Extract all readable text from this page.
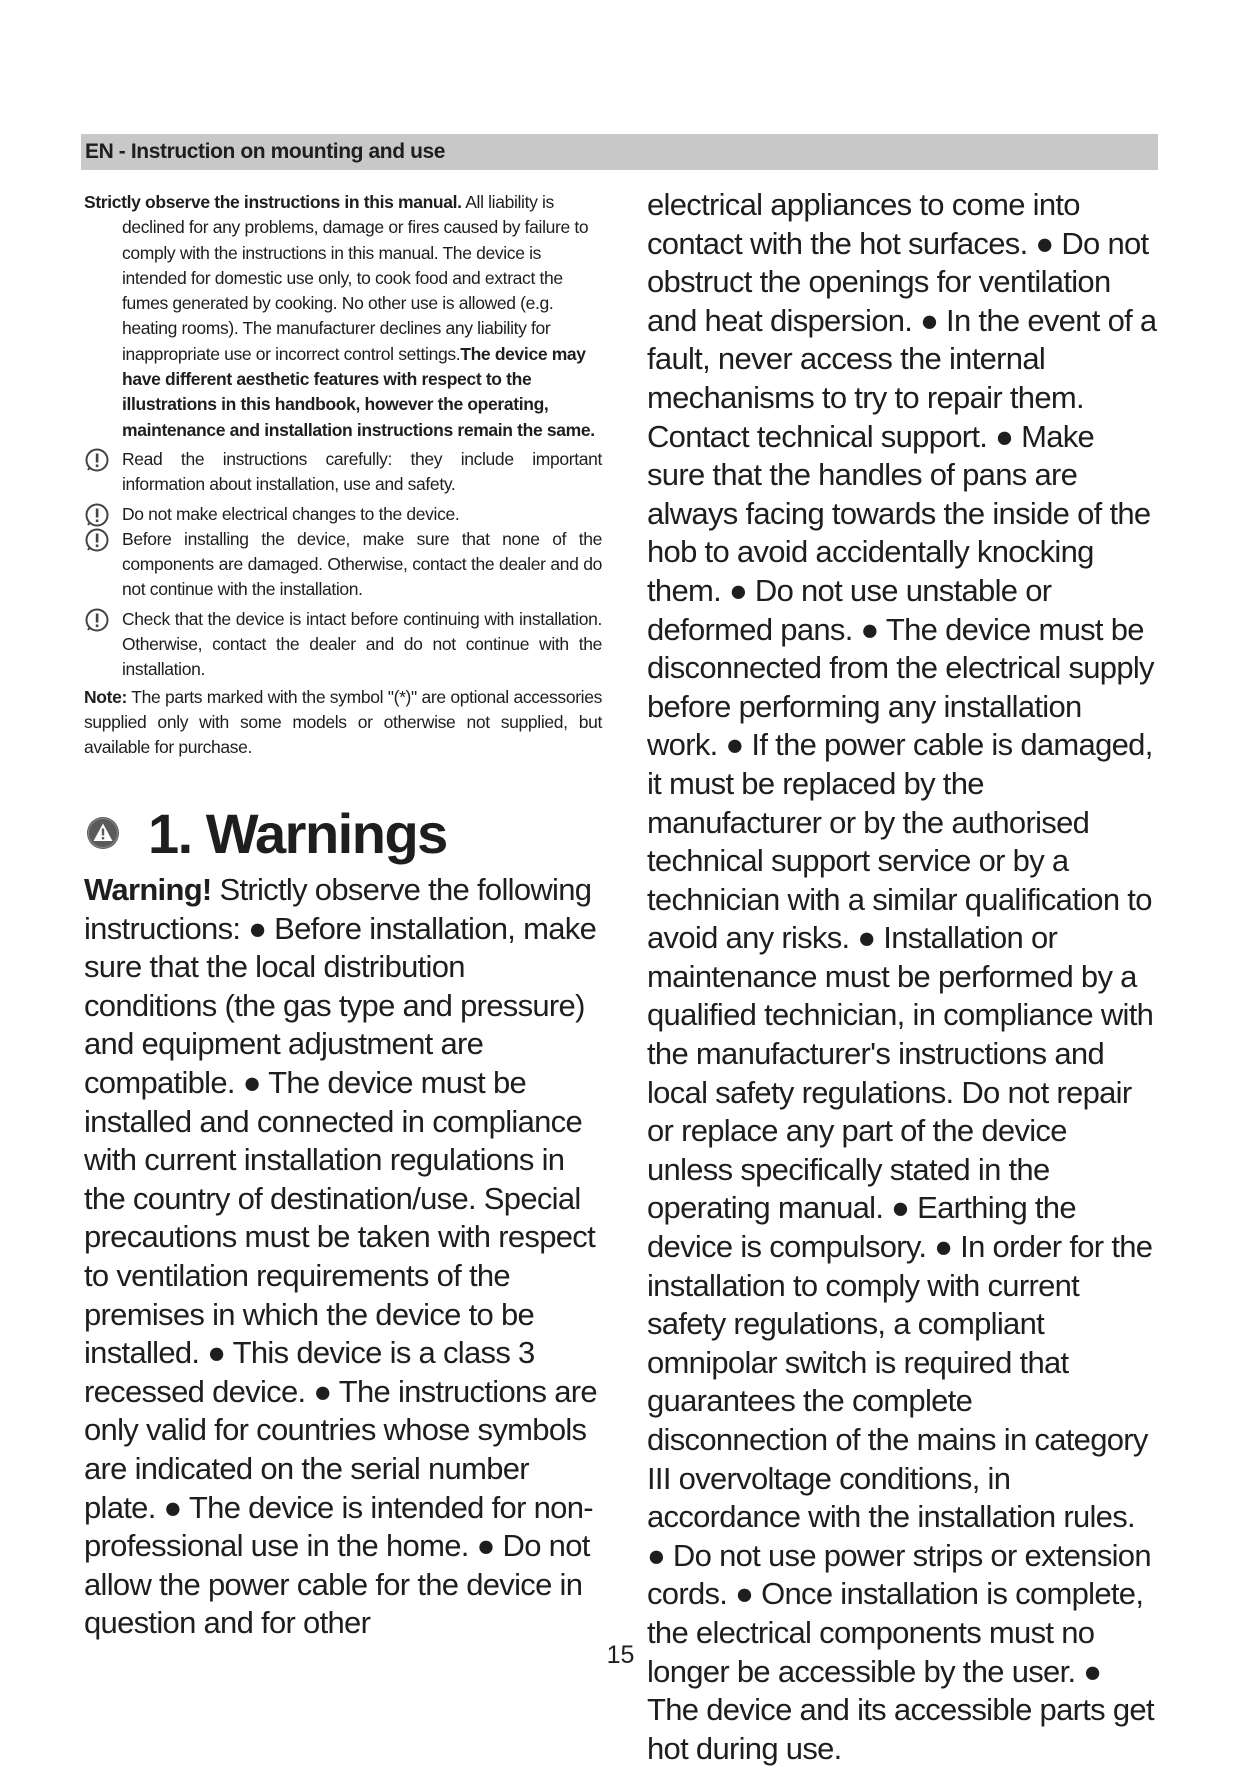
EN - Instruction on mounting and use

Strictly observe the instructions in this manual. All liability is declined for any problems, damage or fires caused by failure to comply with the instructions in this manual. The device is intended for domestic use only, to cook food and extract the fumes generated by cooking. No other use is allowed (e.g. heating rooms). The manufacturer declines any liability for inappropriate use or incorrect control settings.The device may have different aesthetic features with respect to the illustrations in this handbook, however the operating, maintenance and installation instructions remain the same.

Read the instructions carefully: they include important information about installation, use and safety.

Do not make electrical changes to the device.

Before installing the device, make sure that none of the components are damaged. Otherwise, contact the dealer and do not continue with the installation.

Check that the device is intact before continuing with installation. Otherwise, contact the dealer and do not continue with the installation.

Note: The parts marked with the symbol "(*)" are optional accessories supplied only with some models or otherwise not supplied, but available for purchase.

1. Warnings

Warning! Strictly observe the following instructions: ● Before installation, make sure that the local distribution conditions (the gas type and pressure) and equipment adjustment are compatible. ● The device must be installed and connected in compliance with current installation regulations in the country of destination/use. Special precautions must be taken with respect to ventilation requirements of the premises in which the device to be installed. ● This device is a class 3 recessed device. ● The instructions are only valid for countries whose symbols are indicated on the serial number plate. ● The device is intended for non-professional use in the home. ● Do not allow the power cable for the device in question and for other

electrical appliances to come into contact with the hot surfaces. ● Do not obstruct the openings for ventilation and heat dispersion. ● In the event of a fault, never access the internal mechanisms to try to repair them. Contact technical support. ● Make sure that the handles of pans are always facing towards the inside of the hob to avoid accidentally knocking them. ● Do not use unstable or deformed pans. ● The device must be disconnected from the electrical supply before performing any installation work. ● If the power cable is damaged, it must be replaced by the manufacturer or by the authorised technical support service or by a technician with a similar qualification to avoid any risks. ● Installation or maintenance must be performed by a qualified technician, in compliance with the manufacturer's instructions and local safety regulations. Do not repair or replace any part of the device unless specifically stated in the operating manual. ● Earthing the device is compulsory. ● In order for the installation to comply with current safety regulations, a compliant omnipolar switch is required that guarantees the complete disconnection of the mains in category III overvoltage conditions, in accordance with the installation rules. ● Do not use power strips or extension cords. ● Once installation is complete, the electrical components must no longer be accessible by the user. ● The device and its accessible parts get hot during use.

15
